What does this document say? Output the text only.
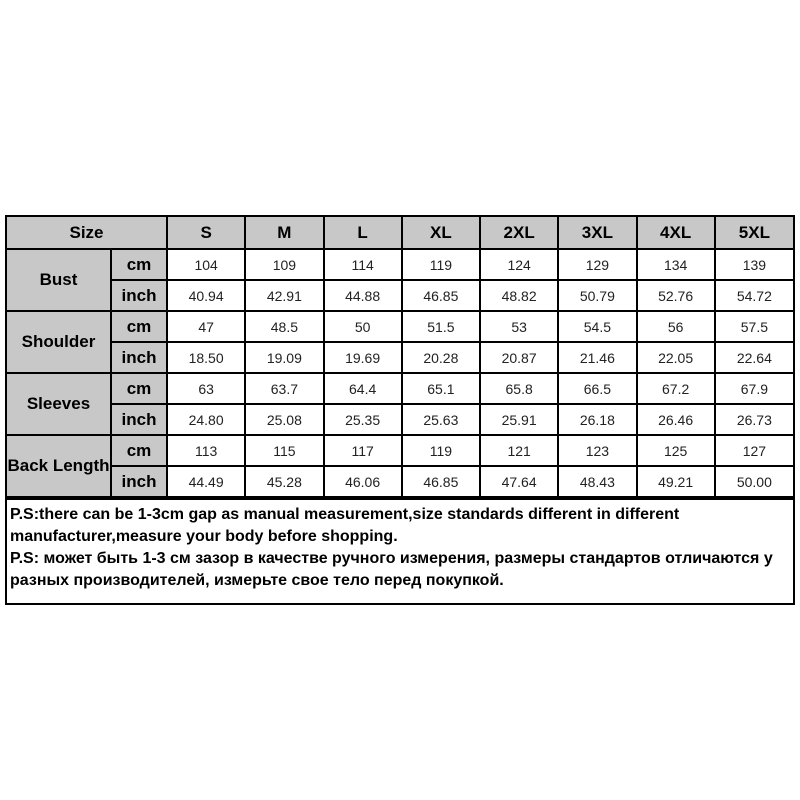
Size		S	M	L	XL	2XL	3XL	4XL	5XL
Bust	cm	104	109	114	119	124	129	134	139
	inch	40.94	42.91	44.88	46.85	48.82	50.79	52.76	54.72
Shoulder	cm	47	48.5	50	51.5	53	54.5	56	57.5
	inch	18.50	19.09	19.69	20.28	20.87	21.46	22.05	22.64
Sleeves	cm	63	63.7	64.4	65.1	65.8	66.5	67.2	67.9
	inch	24.80	25.08	25.35	25.63	25.91	26.18	26.46	26.73
Back Length	cm	113	115	117	119	121	123	125	127
	inch	44.49	45.28	46.06	46.85	47.64	48.43	49.21	50.00

P.S:there can be 1-3cm gap as manual measurement,size standards different in different manufacturer,measure your body before shopping.

P.S: может быть 1-3 см зазор в качестве ручного измерения, размеры стандартов отличаются у разных производителей, измерьте свое тело перед покупкой.
